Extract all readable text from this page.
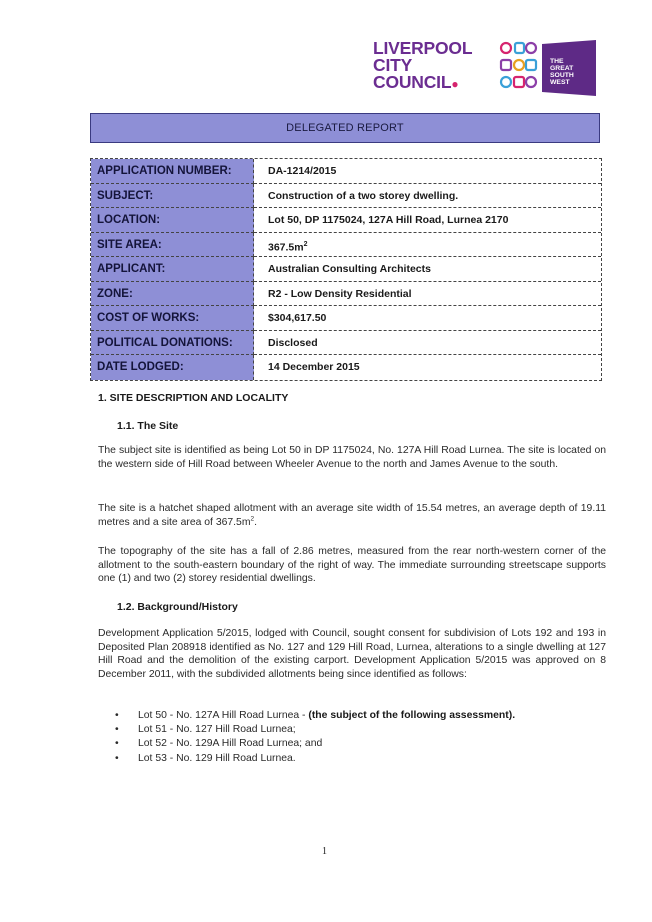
LIVERPOOL
CITY
COUNCIL●
THE
GREAT
SOUTH
WEST
DELEGATED REPORT
APPLICATION NUMBER:	DA-1214/2015
SUBJECT:	Construction of a two storey dwelling.
LOCATION:	Lot 50, DP 1175024, 127A Hill Road, Lurnea 2170
SITE AREA:	$367.5m^2$
APPLICANT:	Australian Consulting Architects
ZONE:	R2 - Low Density Residential
COST OF WORKS:	$304,617.50
POLITICAL DONATIONS:	Disclosed
DATE LODGED:	14 December 2015
1. SITE DESCRIPTION AND LOCALITY
1.1. The Site
The subject site is identified as being Lot 50 in DP 1175024, No. 127A Hill Road Lurnea. The site is located on the western side of Hill Road between Wheeler Avenue to the north and James Avenue to the south.
The site is a hatchet shaped allotment with an average site width of 15.54 metres, an average depth of 19.11 metres and a site area of $367.5m^2$.
The topography of the site has a fall of 2.86 metres, measured from the rear north-western corner of the allotment to the south-eastern boundary of the right of way. The immediate surrounding streetscape supports one (1) and two (2) storey residential dwellings.
1.2. Background/History
Development Application 5/2015, lodged with Council, sought consent for subdivision of Lots 192 and 193 in Deposited Plan 208918 identified as No. 127 and 129 Hill Road, Lurnea, alterations to a single dwelling at 127 Hill Road and the demolition of the existing carport. Development Application 5/2015 was approved on 8 December 2011, with the subdivided allotments being since identified as follows:
• Lot 50 - No. 127A Hill Road Lurnea - (the subject of the following assessment).
• Lot 51 - No. 127 Hill Road Lurnea;
• Lot 52 - No. 129A Hill Road Lurnea; and
• Lot 53 - No. 129 Hill Road Lurnea.
1
